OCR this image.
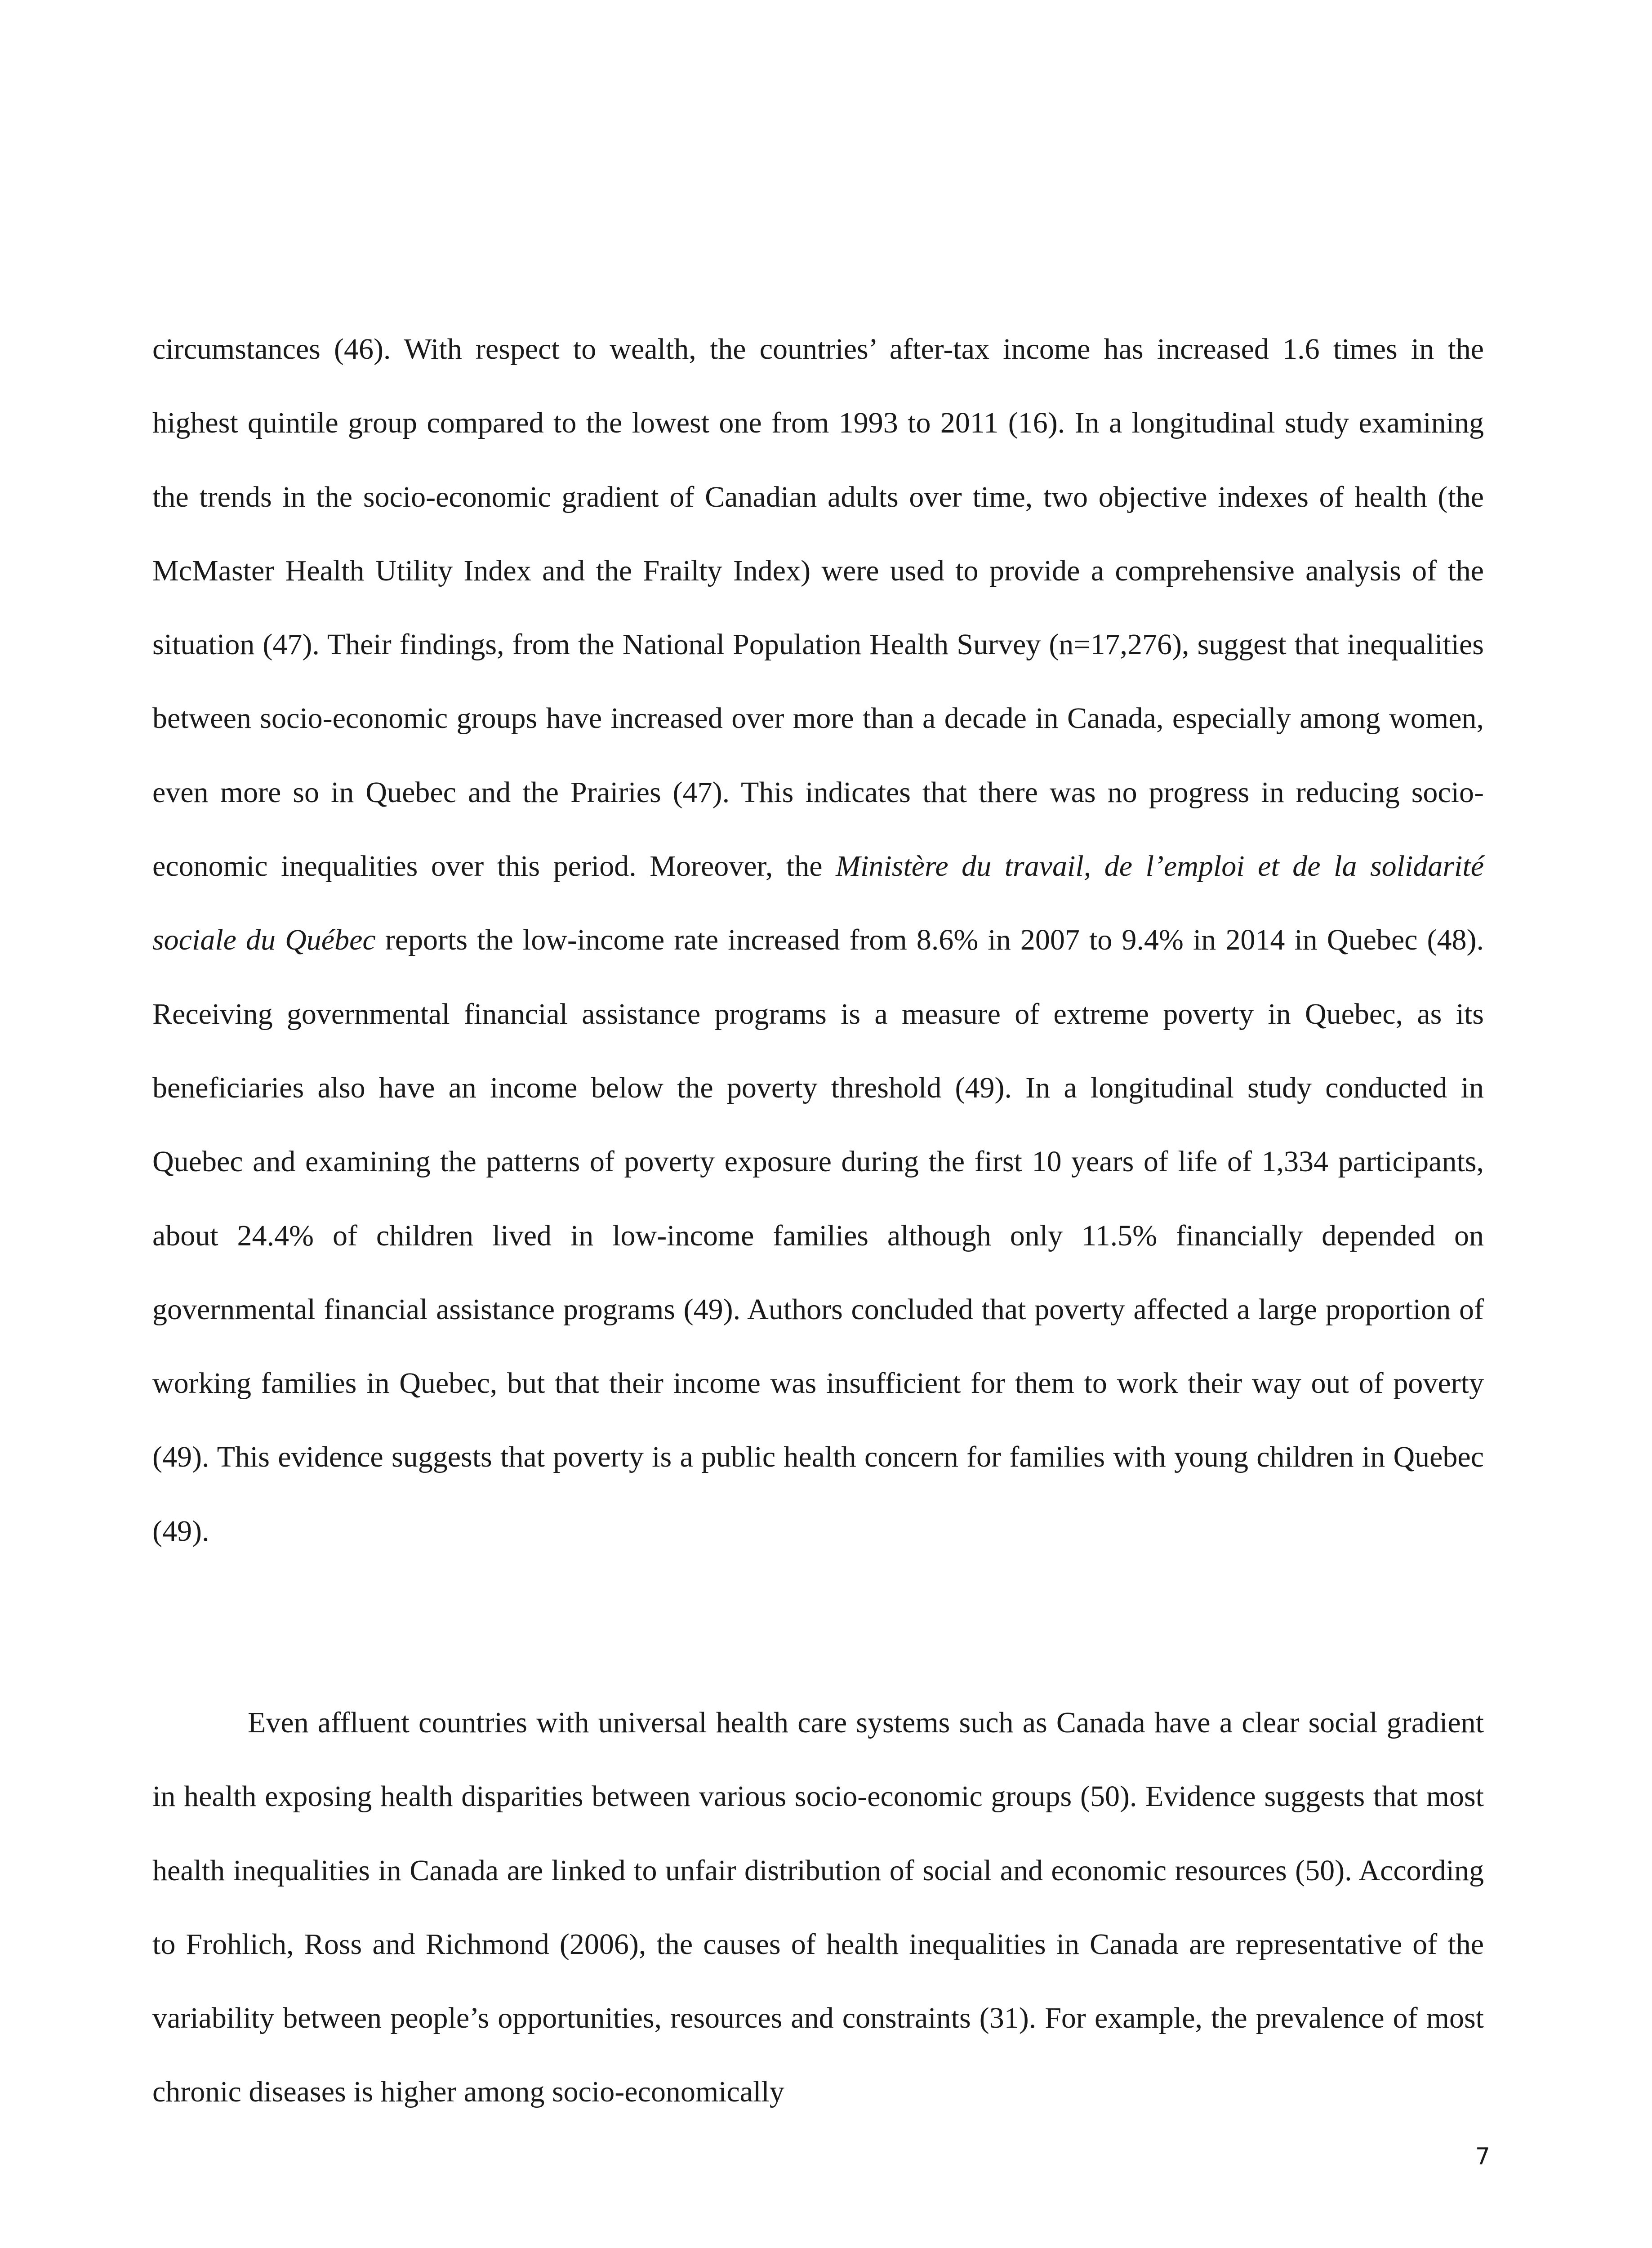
circumstances (46). With respect to wealth, the countries’ after-tax income has increased 1.6 times in the highest quintile group compared to the lowest one from 1993 to 2011 (16). In a longitudinal study examining the trends in the socio-economic gradient of Canadian adults over time, two objective indexes of health (the McMaster Health Utility Index and the Frailty Index) were used to provide a comprehensive analysis of the situation (47). Their findings, from the National Population Health Survey (n=17,276), suggest that inequalities between socio-economic groups have increased over more than a decade in Canada, especially among women, even more so in Quebec and the Prairies (47). This indicates that there was no progress in reducing socio-economic inequalities over this period. Moreover, the Ministère du travail, de l’emploi et de la solidarité sociale du Québec reports the low-income rate increased from 8.6% in 2007 to 9.4% in 2014 in Quebec (48). Receiving governmental financial assistance programs is a measure of extreme poverty in Quebec, as its beneficiaries also have an income below the poverty threshold (49). In a longitudinal study conducted in Quebec and examining the patterns of poverty exposure during the first 10 years of life of 1,334 participants, about 24.4% of children lived in low-income families although only 11.5% financially depended on governmental financial assistance programs (49). Authors concluded that poverty affected a large proportion of working families in Quebec, but that their income was insufficient for them to work their way out of poverty (49). This evidence suggests that poverty is a public health concern for families with young children in Quebec (49).

Even affluent countries with universal health care systems such as Canada have a clear social gradient in health exposing health disparities between various socio-economic groups (50). Evidence suggests that most health inequalities in Canada are linked to unfair distribution of social and economic resources (50). According to Frohlich, Ross and Richmond (2006), the causes of health inequalities in Canada are representative of the variability between people’s opportunities, resources and constraints (31). For example, the prevalence of most chronic diseases is higher among socio-economically

7
